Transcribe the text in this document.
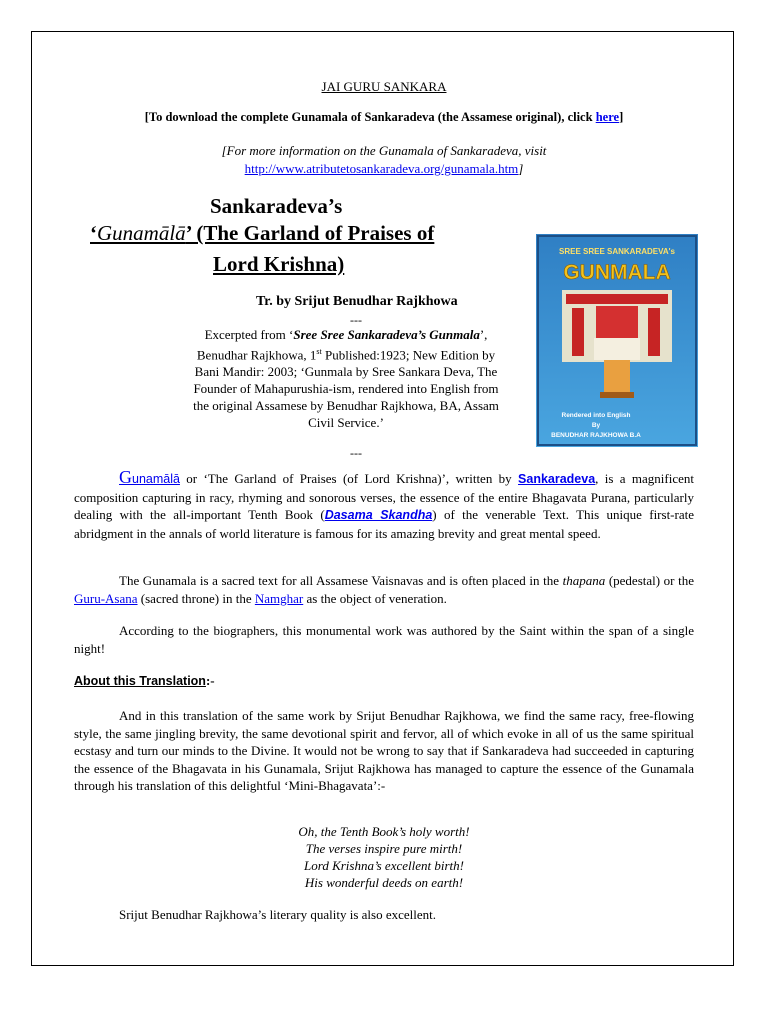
JAI GURU SANKARA
[To download the complete Gunamala of Sankaradeva (the Assamese original), click here]
[For more information on the Gunamala of Sankaradeva, visit
http://www.atributetosankaradeva.org/gunamala.htm]
Sankaradeva’s
‘Gunamālā’ (The Garland of Praises of
Lord Krishna)
Tr. by Srijut Benudhar Rajkhowa
---
Excerpted from ‘Sree Sree Sankaradeva’s Gunmala’, Benudhar Rajkhowa, 1st Published:1923; New Edition by Bani Mandir: 2003; ‘Gunmala by Sree Sankara Deva, The Founder of Mahapurushia-ism, rendered into English from the original Assamese by Benudhar Rajkhowa, BA, Assam Civil Service.’
---
SREE SREE SANKARADEVA's
GUNMALA
Rendered into English
By
BENUDHAR RAJKHOWA B.A
Gunamālā or ‘The Garland of Praises (of Lord Krishna)’, written by Sankaradeva, is a magnificent composition capturing in racy, rhyming and sonorous verses, the essence of the entire Bhagavata Purana, particularly dealing with the all-important Tenth Book (Dasama Skandha) of the venerable Text. This unique first-rate abridgment in the annals of world literature is famous for its amazing brevity and great mental speed.
The Gunamala is a sacred text for all Assamese Vaisnavas and is often placed in the thapana (pedestal) or the Guru-Asana (sacred throne) in the Namghar as the object of veneration.
According to the biographers, this monumental work was authored by the Saint within the span of a single night!
About this Translation:-
And in this translation of the same work by Srijut Benudhar Rajkhowa, we find the same racy, free-flowing style, the same jingling brevity, the same devotional spirit and fervor, all of which evoke in all of us the same spiritual ecstasy and turn our minds to the Divine. It would not be wrong to say that if Sankaradeva had succeeded in capturing the essence of the Bhagavata in his Gunamala, Srijut Rajkhowa has managed to capture the essence of the Gunamala through his translation of this delightful ‘Mini-Bhagavata’:-
Oh, the Tenth Book’s holy worth!
The verses inspire pure mirth!
Lord Krishna’s excellent birth!
His wonderful deeds on earth!
Srijut Benudhar Rajkhowa’s literary quality is also excellent.
